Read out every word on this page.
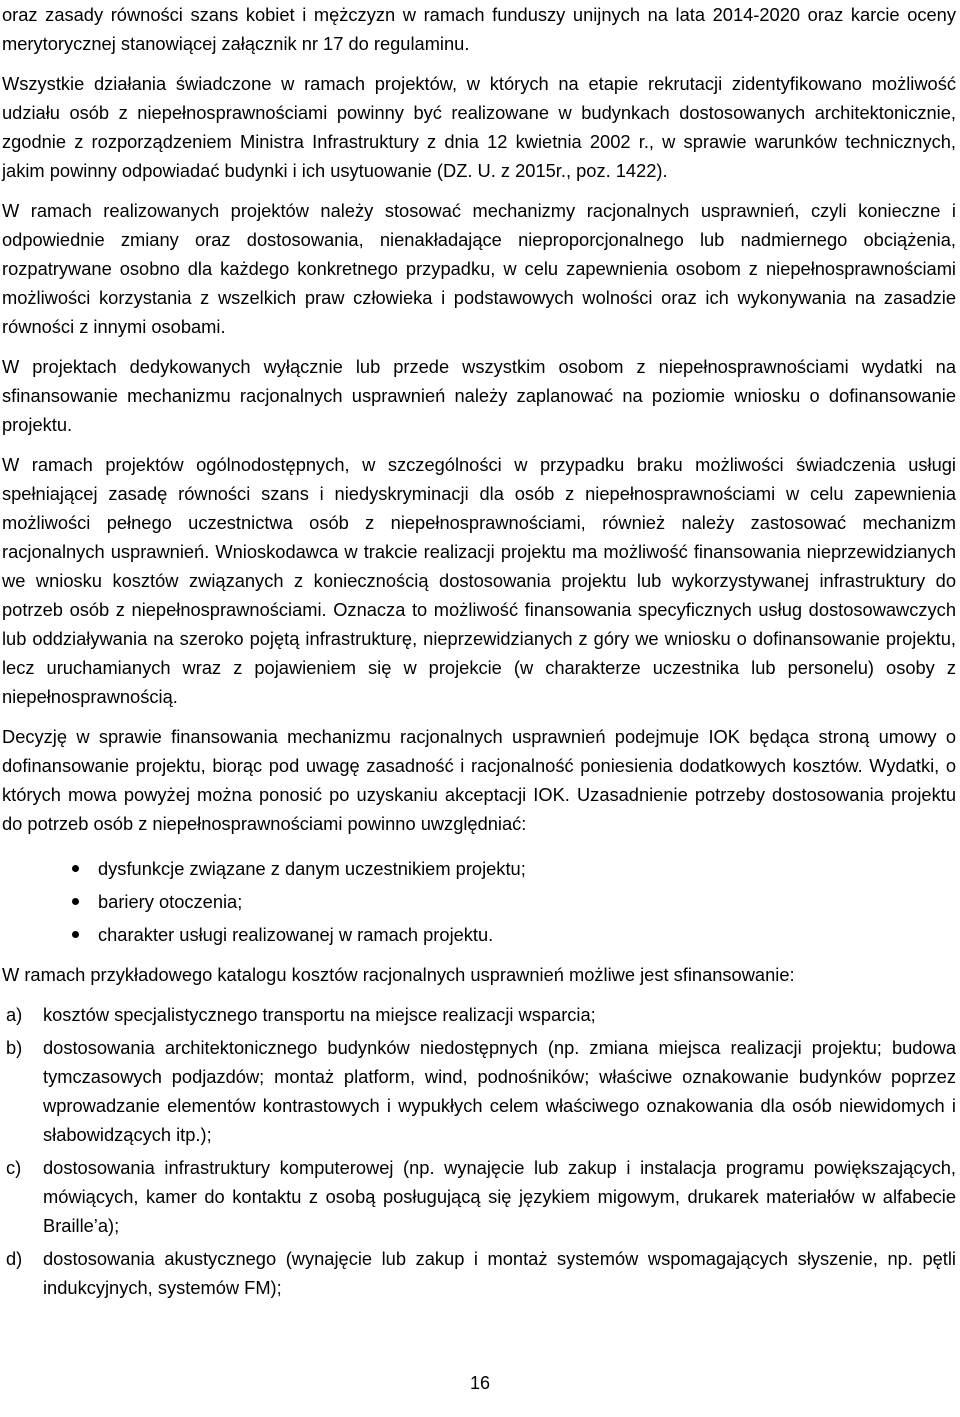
oraz zasady równości szans kobiet i mężczyzn w ramach funduszy unijnych na lata 2014-2020 oraz karcie oceny merytorycznej stanowiącej załącznik nr 17 do regulaminu.

Wszystkie działania świadczone w ramach projektów, w których na etapie rekrutacji zidentyfikowano możliwość udziału osób z niepełnosprawnościami powinny być realizowane w budynkach dostosowanych architektonicznie, zgodnie z rozporządzeniem Ministra Infrastruktury z dnia 12 kwietnia 2002 r., w sprawie warunków technicznych, jakim powinny odpowiadać budynki i ich usytuowanie (DZ. U. z 2015r., poz. 1422).

W ramach realizowanych projektów należy stosować mechanizmy racjonalnych usprawnień, czyli konieczne i odpowiednie zmiany oraz dostosowania, nienakładające nieproporcjonalnego lub nadmiernego obciążenia, rozpatrywane osobno dla każdego konkretnego przypadku, w celu zapewnienia osobom z niepełnosprawnościami możliwości korzystania z wszelkich praw człowieka i podstawowych wolności oraz ich wykonywania na zasadzie równości z innymi osobami.

W projektach dedykowanych wyłącznie lub przede wszystkim osobom z niepełnosprawnościami wydatki na sfinansowanie mechanizmu racjonalnych usprawnień należy zaplanować na poziomie wniosku o dofinansowanie projektu.

W ramach projektów ogólnodostępnych, w szczególności w przypadku braku możliwości świadczenia usługi spełniającej zasadę równości szans i niedyskryminacji dla osób z niepełnosprawnościami w celu zapewnienia możliwości pełnego uczestnictwa osób z niepełnosprawnościami, również należy zastosować mechanizm racjonalnych usprawnień. Wnioskodawca w trakcie realizacji projektu ma możliwość finansowania nieprzewidzianych we wniosku kosztów związanych z koniecznością dostosowania projektu lub wykorzystywanej infrastruktury do potrzeb osób z niepełnosprawnościami. Oznacza to możliwość finansowania specyficznych usług dostosowawczych lub oddziaływania na szeroko pojętą infrastrukturę, nieprzewidzianych z góry we wniosku o dofinansowanie projektu, lecz uruchamianych wraz z pojawieniem się w projekcie (w charakterze uczestnika lub personelu) osoby z niepełnosprawnością.

Decyzję w sprawie finansowania mechanizmu racjonalnych usprawnień podejmuje IOK będąca stroną umowy o dofinansowanie projektu, biorąc pod uwagę zasadność i racjonalność poniesienia dodatkowych kosztów. Wydatki, o których mowa powyżej można ponosić po uzyskaniu akceptacji IOK. Uzasadnienie potrzeby dostosowania projektu do potrzeb osób z niepełnosprawnościami powinno uwzględniać:

dysfunkcje związane z danym uczestnikiem projektu;
bariery otoczenia;
charakter usługi realizowanej w ramach projektu.

W ramach przykładowego katalogu kosztów racjonalnych usprawnień możliwe jest sfinansowanie:

a) kosztów specjalistycznego transportu na miejsce realizacji wsparcia;
b) dostosowania architektonicznego budynków niedostępnych (np. zmiana miejsca realizacji projektu; budowa tymczasowych podjazdów; montaż platform, wind, podnośników; właściwe oznakowanie budynków poprzez wprowadzanie elementów kontrastowych i wypukłych celem właściwego oznakowania dla osób niewidomych i słabowidzących itp.);
c) dostosowania infrastruktury komputerowej (np. wynajęcie lub zakup i instalacja programu powiększających, mówiących, kamer do kontaktu z osobą posługującą się językiem migowym, drukarek materiałów w alfabecie Braille’a);
d) dostosowania akustycznego (wynajęcie lub zakup i montaż systemów wspomagających słyszenie, np. pętli indukcyjnych, systemów FM);
16
